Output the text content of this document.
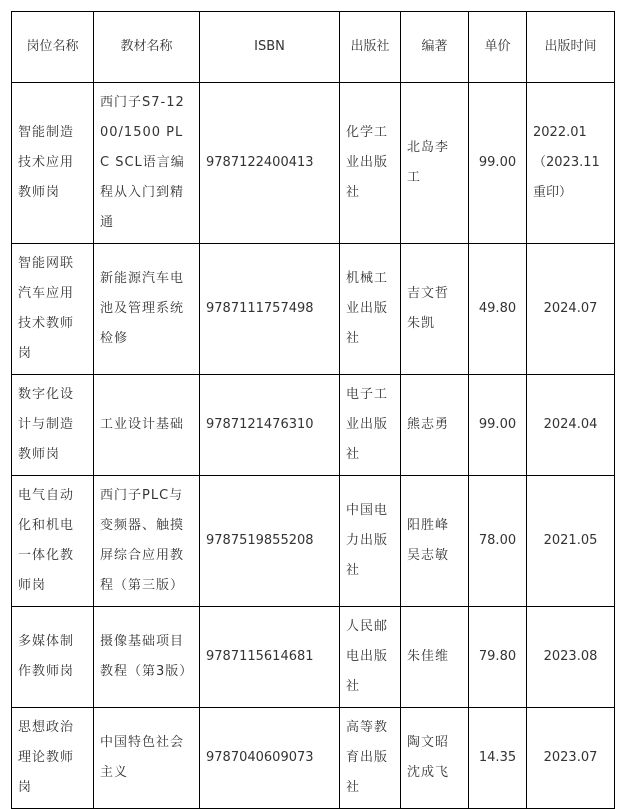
岗位名称	教材名称	ISBN	出版社	编著	单价	出版时间
智能制造技术应用教师岗	西门子S7-1200/1500 PLC SCL语言编程从入门到精通	9787122400413	化学工业出版社	北岛李工	99.00	2022.01（2023.11重印）
智能网联汽车应用技术教师岗	新能源汽车电池及管理系统检修	9787111757498	机械工业出版社	吉文哲朱凯	49.80	2024.07
数字化设计与制造教师岗	工业设计基础	9787121476310	电子工业出版社	熊志勇	99.00	2024.04
电气自动化和机电一体化教师岗	西门子PLC与变频器、触摸屏综合应用教程（第三版）	9787519855208	中国电力出版社	阳胜峰吴志敏	78.00	2021.05
多媒体制作教师岗	摄像基础项目教程（第3版）	9787115614681	人民邮电出版社	朱佳维	79.80	2023.08
思想政治理论教师岗	中国特色社会主义	9787040609073	高等教育出版社	陶文昭沈成飞	14.35	2023.07
